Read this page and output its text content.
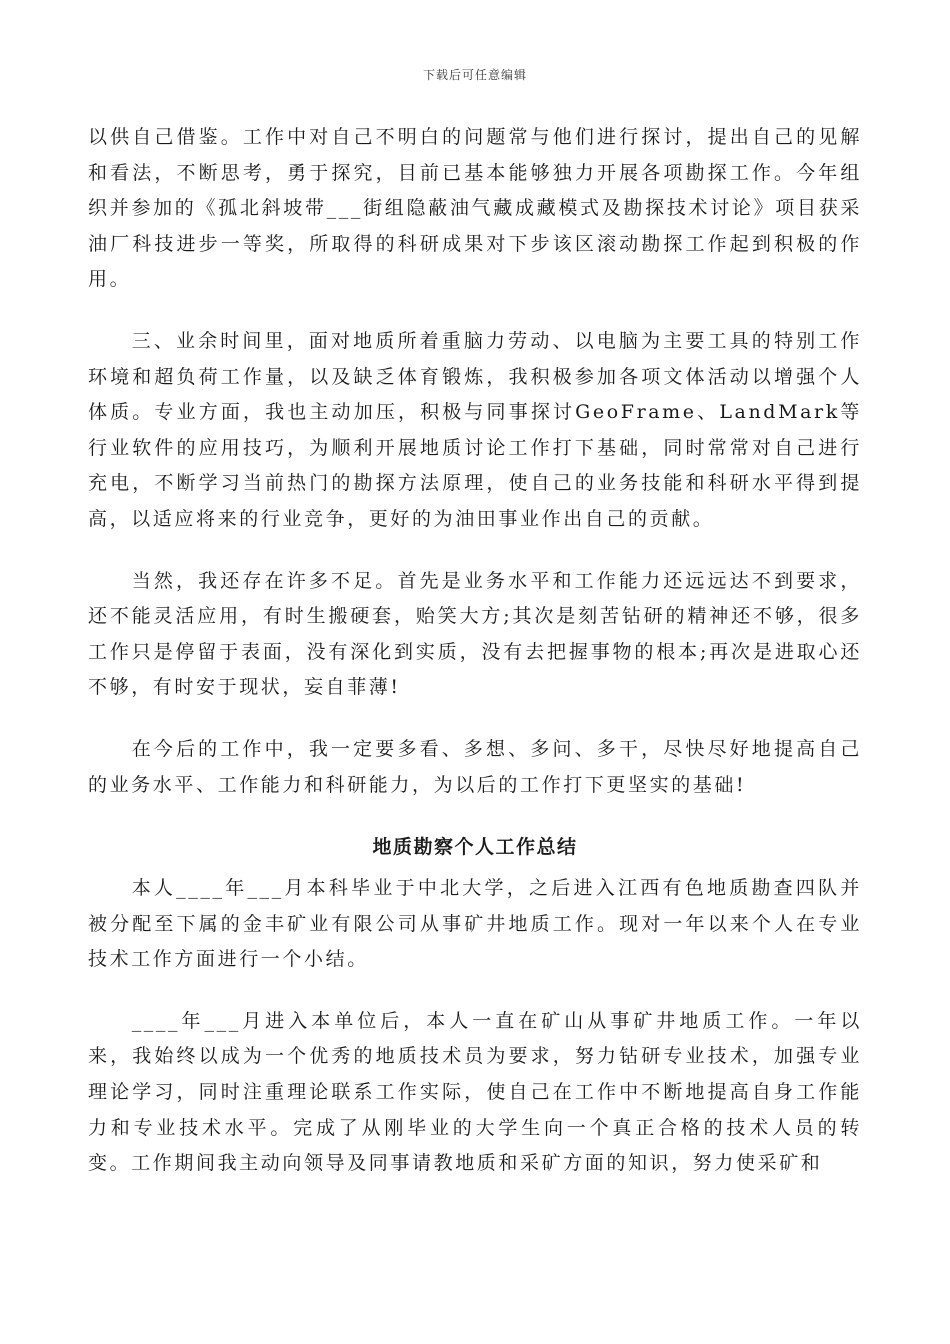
下载后可任意编辑

以供自己借鉴。工作中对自己不明白的问题常与他们进行探讨，提出自己的见解和看法，不断思考，勇于探究，目前已基本能够独力开展各项勘探工作。今年组织并参加的《孤北斜坡带___街组隐蔽油气藏成藏模式及勘探技术讨论》项目获采油厂科技进步一等奖，所取得的科研成果对下步该区滚动勘探工作起到积极的作用。

三、业余时间里，面对地质所着重脑力劳动、以电脑为主要工具的特别工作环境和超负荷工作量，以及缺乏体育锻炼，我积极参加各项文体活动以增强个人体质。专业方面，我也主动加压，积极与同事探讨GeoFrame、LandMark等行业软件的应用技巧，为顺利开展地质讨论工作打下基础，同时常常对自己进行充电，不断学习当前热门的勘探方法原理，使自己的业务技能和科研水平得到提高，以适应将来的行业竞争，更好的为油田事业作出自己的贡献。

当然，我还存在许多不足。首先是业务水平和工作能力还远远达不到要求，还不能灵活应用，有时生搬硬套，贻笑大方;其次是刻苦钻研的精神还不够，很多工作只是停留于表面，没有深化到实质，没有去把握事物的根本;再次是进取心还不够，有时安于现状，妄自菲薄!

在今后的工作中，我一定要多看、多想、多问、多干，尽快尽好地提高自己的业务水平、工作能力和科研能力，为以后的工作打下更坚实的基础!

地质勘察个人工作总结

本人____年___月本科毕业于中北大学，之后进入江西有色地质勘查四队并被分配至下属的金丰矿业有限公司从事矿井地质工作。现对一年以来个人在专业技术工作方面进行一个小结。

____年___月进入本单位后，本人一直在矿山从事矿井地质工作。一年以来，我始终以成为一个优秀的地质技术员为要求，努力钻研专业技术，加强专业理论学习，同时注重理论联系工作实际，使自己在工作中不断地提高自身工作能力和专业技术水平。完成了从刚毕业的大学生向一个真正合格的技术人员的转变。工作期间我主动向领导及同事请教地质和采矿方面的知识，努力使采矿和
